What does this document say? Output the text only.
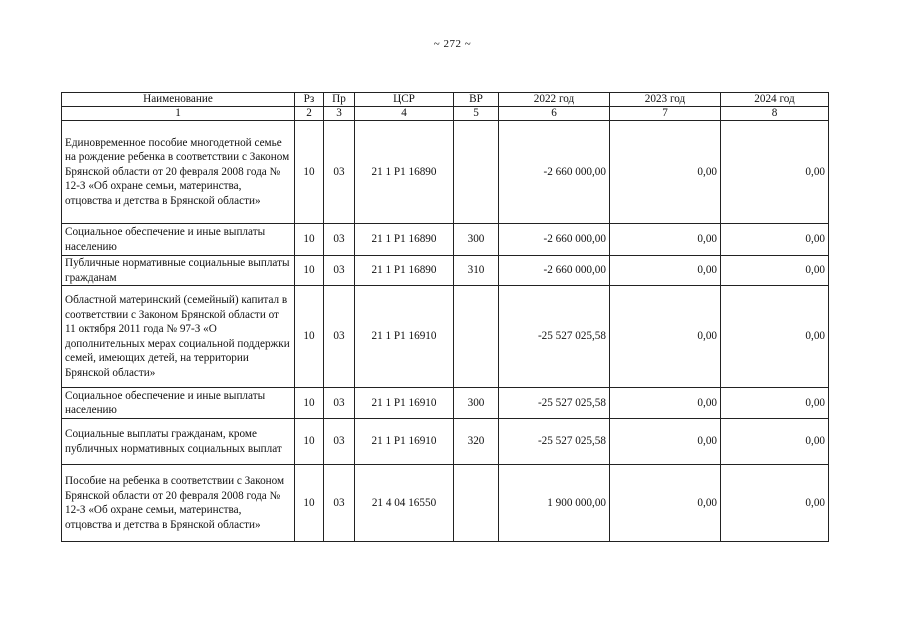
~ 272 ~
Наименование	Рз	Пр	ЦСР	ВР	2022 год	2023 год	2024 год
1	2	3	4	5	6	7	8
Единовременное пособие многодетной семье на рождение ребенка в соответствии с Законом Брянской области от 20 февраля 2008 года № 12-З «Об охране семьи, материнства, отцовства и детства в Брянской области»	10	03	21 1 Р1 16890		-2 660 000,00	0,00	0,00
Социальное обеспечение и иные выплаты населению	10	03	21 1 Р1 16890	300	-2 660 000,00	0,00	0,00
Публичные нормативные социальные выплаты гражданам	10	03	21 1 Р1 16890	310	-2 660 000,00	0,00	0,00
Областной материнский (семейный) капитал в соответствии с Законом Брянской области от 11 октября 2011 года № 97-З «О дополнительных мерах социальной поддержки семей, имеющих детей, на территории Брянской области»	10	03	21 1 Р1 16910		-25 527 025,58	0,00	0,00
Социальное обеспечение и иные выплаты населению	10	03	21 1 Р1 16910	300	-25 527 025,58	0,00	0,00
Социальные выплаты гражданам, кроме публичных нормативных социальных выплат	10	03	21 1 Р1 16910	320	-25 527 025,58	0,00	0,00
Пособие на ребенка в соответствии с Законом Брянской области от 20 февраля 2008 года № 12-З «Об охране семьи, материнства, отцовства и детства в Брянской области»	10	03	21 4 04 16550		1 900 000,00	0,00	0,00
